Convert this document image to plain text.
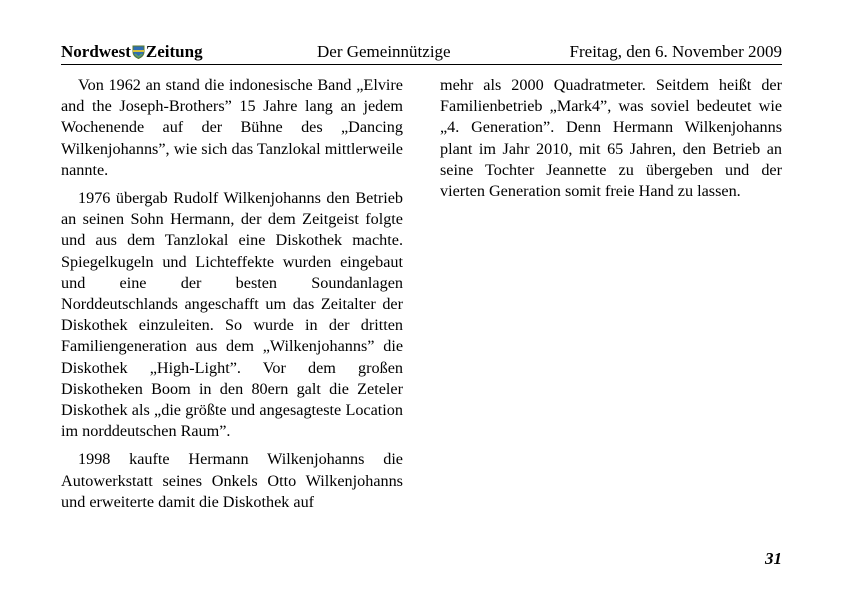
Nordwest Zeitung	Der Gemeinnützige	Freitag, den 6. November 2009

Von 1962 an stand die indonesische Band „Elvire and the Joseph-Brothers” 15 Jahre lang an jedem Wochenende auf der Bühne des „Dancing Wilkenjohanns”, wie sich das Tanzlokal mittlerweile nannte.

1976 übergab Rudolf Wilkenjohanns den Betrieb an seinen Sohn Hermann, der dem Zeitgeist folgte und aus dem Tanzlokal eine Diskothek machte. Spiegelkugeln und Lichteffekte wurden eingebaut und eine der besten Soundanlagen Norddeutschlands angeschafft um das Zeitalter der Diskothek einzuleiten. So wurde in der dritten Familiengeneration aus dem „Wilkenjohanns” die Diskothek „High-Light”. Vor dem großen Diskotheken Boom in den 80ern galt die Zeteler Diskothek als „die größte und angesagteste Location im norddeutschen Raum”.

1998 kaufte Hermann Wilkenjohanns die Autowerkstatt seines Onkels Otto Wilkenjohanns und erweiterte damit die Diskothek auf

mehr als 2000 Quadratmeter. Seitdem heißt der Familienbetrieb „Mark4”, was soviel bedeutet wie „4. Generation”. Denn Hermann Wilkenjohanns plant im Jahr 2010, mit 65 Jahren, den Betrieb an seine Tochter Jeannette zu übergeben und der vierten Generation somit freie Hand zu lassen.

31
